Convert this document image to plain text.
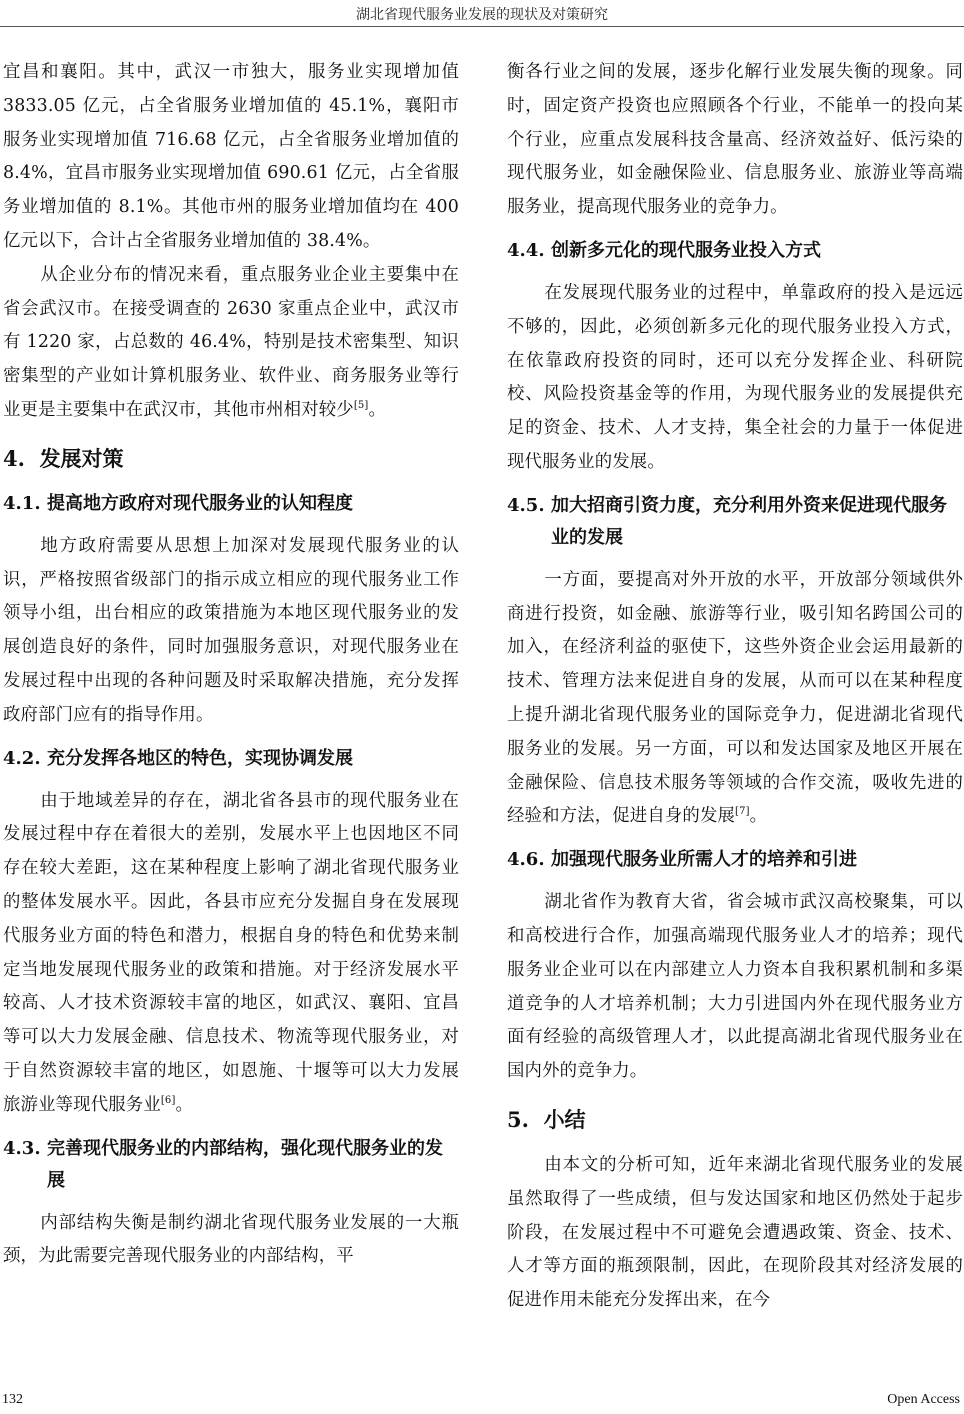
湖北省现代服务业发展的现状及对策研究

宜昌和襄阳。其中，武汉一市独大，服务业实现增加值 3833.05 亿元，占全省服务业增加值的 45.1%，襄阳市服务业实现增加值 716.68 亿元，占全省服务业增加值的 8.4%，宜昌市服务业实现增加值 690.61 亿元，占全省服务业增加值的 8.1%。其他市州的服务业增加值均在 400 亿元以下，合计占全省服务业增加值的 38.4%。

从企业分布的情况来看，重点服务业企业主要集中在省会武汉市。在接受调查的 2630 家重点企业中，武汉市有 1220 家，占总数的 46.4%，特别是技术密集型、知识密集型的产业如计算机服务业、软件业、商务服务业等行业更是主要集中在武汉市，其他市州相对较少[5]。

4. 发展对策
4.1. 提高地方政府对现代服务业的认知程度

地方政府需要从思想上加深对发展现代服务业的认识，严格按照省级部门的指示成立相应的现代服务业工作领导小组，出台相应的政策措施为本地区现代服务业的发展创造良好的条件，同时加强服务意识，对现代服务业在发展过程中出现的各种问题及时采取解决措施，充分发挥政府部门应有的指导作用。

4.2. 充分发挥各地区的特色，实现协调发展

由于地域差异的存在，湖北省各县市的现代服务业在发展过程中存在着很大的差别，发展水平上也因地区不同存在较大差距，这在某种程度上影响了湖北省现代服务业的整体发展水平。因此，各县市应充分发掘自身在发展现代服务业方面的特色和潜力，根据自身的特色和优势来制定当地发展现代服务业的政策和措施。对于经济发展水平较高、人才技术资源较丰富的地区，如武汉、襄阳、宜昌等可以大力发展金融、信息技术、物流等现代服务业，对于自然资源较丰富的地区，如恩施、十堰等可以大力发展旅游业等现代服务业[6]。

4.3. 完善现代服务业的内部结构，强化现代服务业的发展

内部结构失衡是制约湖北省现代服务业发展的一大瓶颈，为此需要完善现代服务业的内部结构，平

衡各行业之间的发展，逐步化解行业发展失衡的现象。同时，固定资产投资也应照顾各个行业，不能单一的投向某个行业，应重点发展科技含量高、经济效益好、低污染的现代服务业，如金融保险业、信息服务业、旅游业等高端服务业，提高现代服务业的竞争力。

4.4. 创新多元化的现代服务业投入方式

在发展现代服务业的过程中，单靠政府的投入是远远不够的，因此，必须创新多元化的现代服务业投入方式，在依靠政府投资的同时，还可以充分发挥企业、科研院校、风险投资基金等的作用，为现代服务业的发展提供充足的资金、技术、人才支持，集全社会的力量于一体促进现代服务业的发展。

4.5. 加大招商引资力度，充分利用外资来促进现代服务业的发展

一方面，要提高对外开放的水平，开放部分领域供外商进行投资，如金融、旅游等行业，吸引知名跨国公司的加入，在经济利益的驱使下，这些外资企业会运用最新的技术、管理方法来促进自身的发展，从而可以在某种程度上提升湖北省现代服务业的国际竞争力，促进湖北省现代服务业的发展。另一方面，可以和发达国家及地区开展在金融保险、信息技术服务等领域的合作交流，吸收先进的经验和方法，促进自身的发展[7]。

4.6. 加强现代服务业所需人才的培养和引进

湖北省作为教育大省，省会城市武汉高校聚集，可以和高校进行合作，加强高端现代服务业人才的培养；现代服务业企业可以在内部建立人力资本自我积累机制和多渠道竞争的人才培养机制；大力引进国内外在现代服务业方面有经验的高级管理人才，以此提高湖北省现代服务业在国内外的竞争力。

5. 小结

由本文的分析可知，近年来湖北省现代服务业的发展虽然取得了一些成绩，但与发达国家和地区仍然处于起步阶段，在发展过程中不可避免会遭遇政策、资金、技术、人才等方面的瓶颈限制，因此，在现阶段其对经济发展的促进作用未能充分发挥出来，在今

132	Open Access
